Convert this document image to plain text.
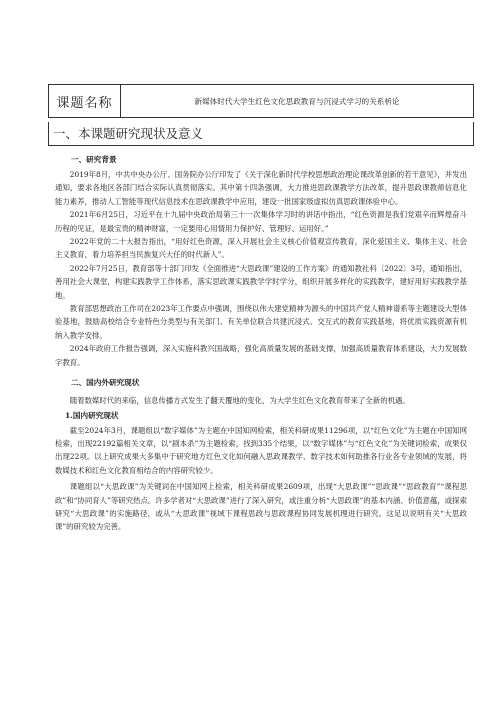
课题名称	新媒体时代大学生红色文化思政教育与沉浸式学习的关系析论
一、本课题研究现状及意义
一、研究背景

2019年8月，中共中央办公厅、国务院办公厅印发了《关于深化新时代学校思想政治理论课改革创新的若干意见》，并发出通知，要求各地区各部门结合实际认真贯彻落实。其中第十四条强调，大力推进思政课教学方法改革，提升思政课教师信息化能力素养，推动人工智能等现代信息技术在思政课教学中应用，建设一批国家级虚拟仿真思政课体验中心。

2021年6月25日，习近平在十九届中央政治局第三十一次集体学习时的讲话中指出，“红色资源是我们党艰辛而辉煌奋斗历程的见证，是最宝贵的精神财富，一定要用心用情用力保护好、管理好、运用好。”

2022年党的二十大报告指出，“用好红色资源，深入开展社会主义核心价值观宣传教育，深化爱国主义、集体主义、社会主义教育，着力培养担当民族复兴大任的时代新人”。

2022年7月25日，教育部等十部门印发《全面推进“大思政课”建设的工作方案》的通知教社科〔2022〕3号，通知指出，善用社会大课堂，构建实践教学工作体系，落实思政课实践教学学时学分，组织开展多样化的实践教学，建好用好实践教学基地。

教育部思想政治工作司在2023年工作要点中强调，围绕以伟大建党精神为源头的中国共产党人精神谱系等主题建设大型体验基地，鼓励高校结合专业特色分类型与有关部门、有关单位联合共建沉浸式、交互式的教育实践基地，将优质实践资源有机纳入教学安排。

2024年政府工作报告强调，深入实施科教兴国战略，强化高质量发展的基础支撑，加强高质量教育体系建设，大力发展数字教育。

二、国内外研究现状

随着数媒时代的来临，信息传播方式发生了翻天覆地的变化，为大学生红色文化教育带来了全新的机遇。

1.国内研究现状

截至2024年3月，课题组以“数字媒体”为主题在中国知网检索，相关科研成果11296项，以“红色文化”为主题在中国知网检索，出现22192篇相关文章，以“剧本杀”为主题检索，找到335个结果，以“数字媒体”与“红色文化”为关键词检索，成果仅出现22项。以上研究成果大多集中于研究地方红色文化如何融入思政课教学、数字技术如何助推各行业各专业领域的发展，将数媒技术和红色文化教育相结合的内容研究较少。

课题组以“大思政课”为关键词在中国知网上检索，相关科研成果2609项，出现“大思政课”“思政课”“思政教育”“课程思政”和“协同育人”等研究热点。许多学者对“大思政课”进行了深入研究，或注重分析“大思政课”的基本内涵、价值意蕴，或探索研究“大思政课”的实施路径，或从“大思政课”视域下课程思政与思政课程协同发展机理进行研究。这足以说明有关“大思政课”的研究较为完善。
